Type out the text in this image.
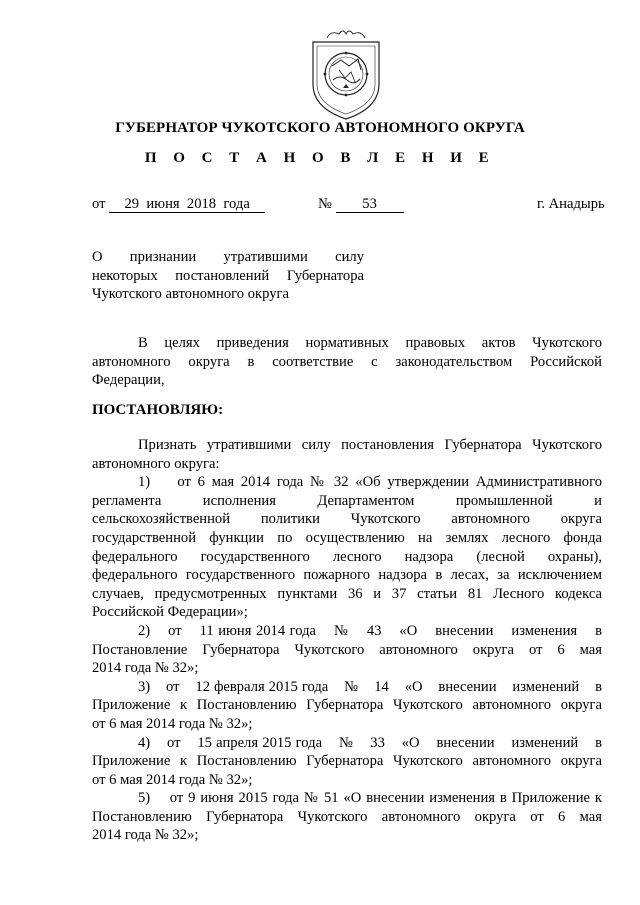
ГУБЕРНАТОР ЧУКОТСКОГО АВТОНОМНОГО ОКРУГА
П О С Т А Н О В Л Е Н И Е
от 29  июня  2018  года	№ 53	г. Анадырь
О      признании      утратившими      силу
некоторых   постановлений   Губернатора
Чукотского автономного округа
В  целях  приведения  нормативных  правовых  актов  Чукотского
автономного  округа  в  соответствие  с  законодательством  Российской
Федерации,
ПОСТАНОВЛЯЮ:
Признать утратившими силу постановления Губернатора Чукотского
автономного округа:
1)    от 6 мая 2014 года № 32 «Об утверждении Административного
регламента    исполнения    Департаментом    промышленной    и
сельскохозяйственной    политики    Чукотского    автономного    округа
государственной функции по осуществлению на землях лесного фонда
федерального    государственного    лесного    надзора    (лесной    охраны),
федерального государственного пожарного надзора в лесах, за исключением
случаев, предусмотренных пунктами 36 и 37 статьи 81 Лесного кодекса
Российской Федерации»;
2)    от    11 июня 2014 года    №    43    «О    внесении    изменения    в
Постановление  Губернатора  Чукотского  автономного  округа  от  6  мая
2014 года № 32»;
3)    от    12 февраля 2015 года    №    14    «О    внесении    изменений    в
Приложение к Постановлению Губернатора Чукотского автономного округа
от 6 мая 2014 года № 32»;
4)    от    15 апреля 2015 года    №    33    «О    внесении    изменений    в
Приложение к Постановлению Губернатора Чукотского автономного округа
от 6 мая 2014 года № 32»;
5)    от 9 июня 2015 года № 51 «О внесении изменения в Приложение к
Постановлению  Губернатора  Чукотского  автономного  округа  от  6  мая
2014 года № 32»;
